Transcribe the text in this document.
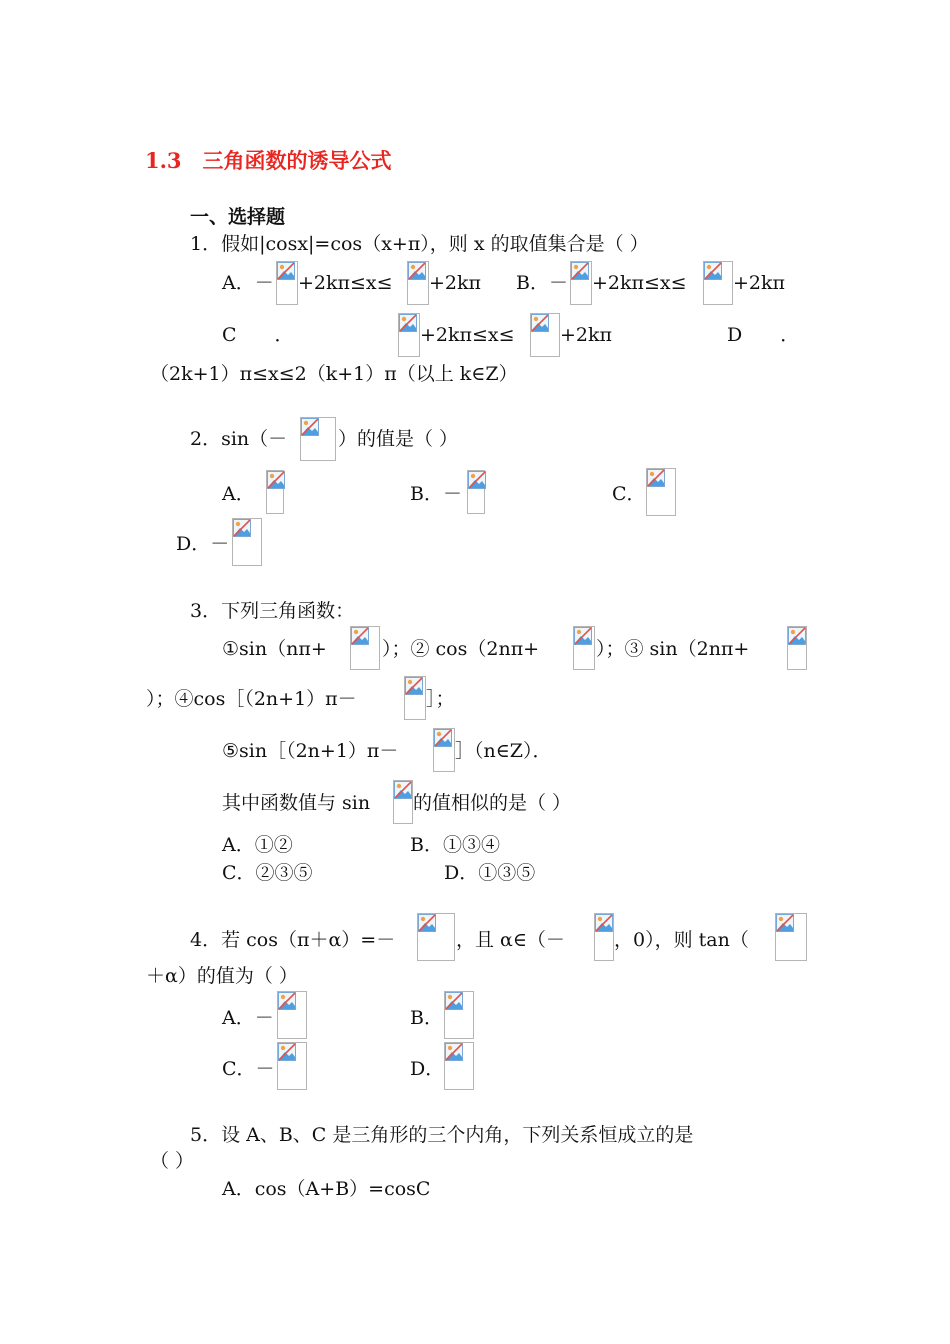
1.3　三角函数的诱导公式
一、选择题
1．假如|cosx|=cos（x+π），则 x 的取值集合是（ ）
A．－ +2kπ≤x≤ +2kπ B．－ +2kπ≤x≤ +2kπ
C　　．	+2kπ≤x≤ +2kπ	D　　．
（2k+1）π≤x≤2（k+1）π（以上 k∈Z）
2．sin（－	）的值是（ ）
A．	B．－	C．
D．－
3．下列三角函数：
①sin（nπ+	）；② cos（2nπ+	）；③ sin（2nπ+
）；④cos［（2n+1）π－	］；
⑤sin［（2n+1）π－	］（n∈Z）．
其中函数值与 sin 的值相似的是（ ）
A．①②	B．①③④
C．②③⑤	D．①③⑤
4．若 cos（π＋α）=－	，且 α∈（－	，0），则 tan（
＋α）的值为（ ）
A．－	B．
C．－	D．
5．设 A、B、C 是三角形的三个内角，下列关系恒成立的是
（ ）
A．cos（A+B）=cosC
